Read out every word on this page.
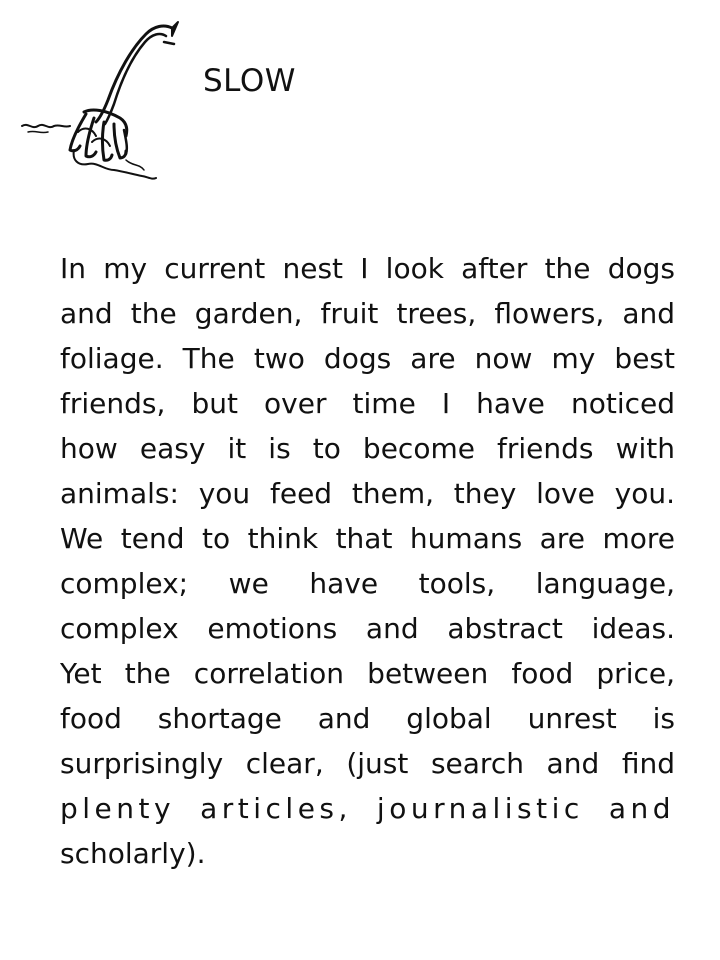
SLOW
In my current nest I look after the dogs
and the garden, fruit trees, flowers, and
foliage. The two dogs are now my best
friends, but over time I have noticed
how easy it is to become friends with
animals: you feed them, they love you.
We tend to think that humans are more
complex; we have tools, language,
complex emotions and abstract ideas.
Yet the correlation between food price,
food shortage and global unrest is
surprisingly clear, (just search and find
plenty articles, journalistic and
scholarly).
